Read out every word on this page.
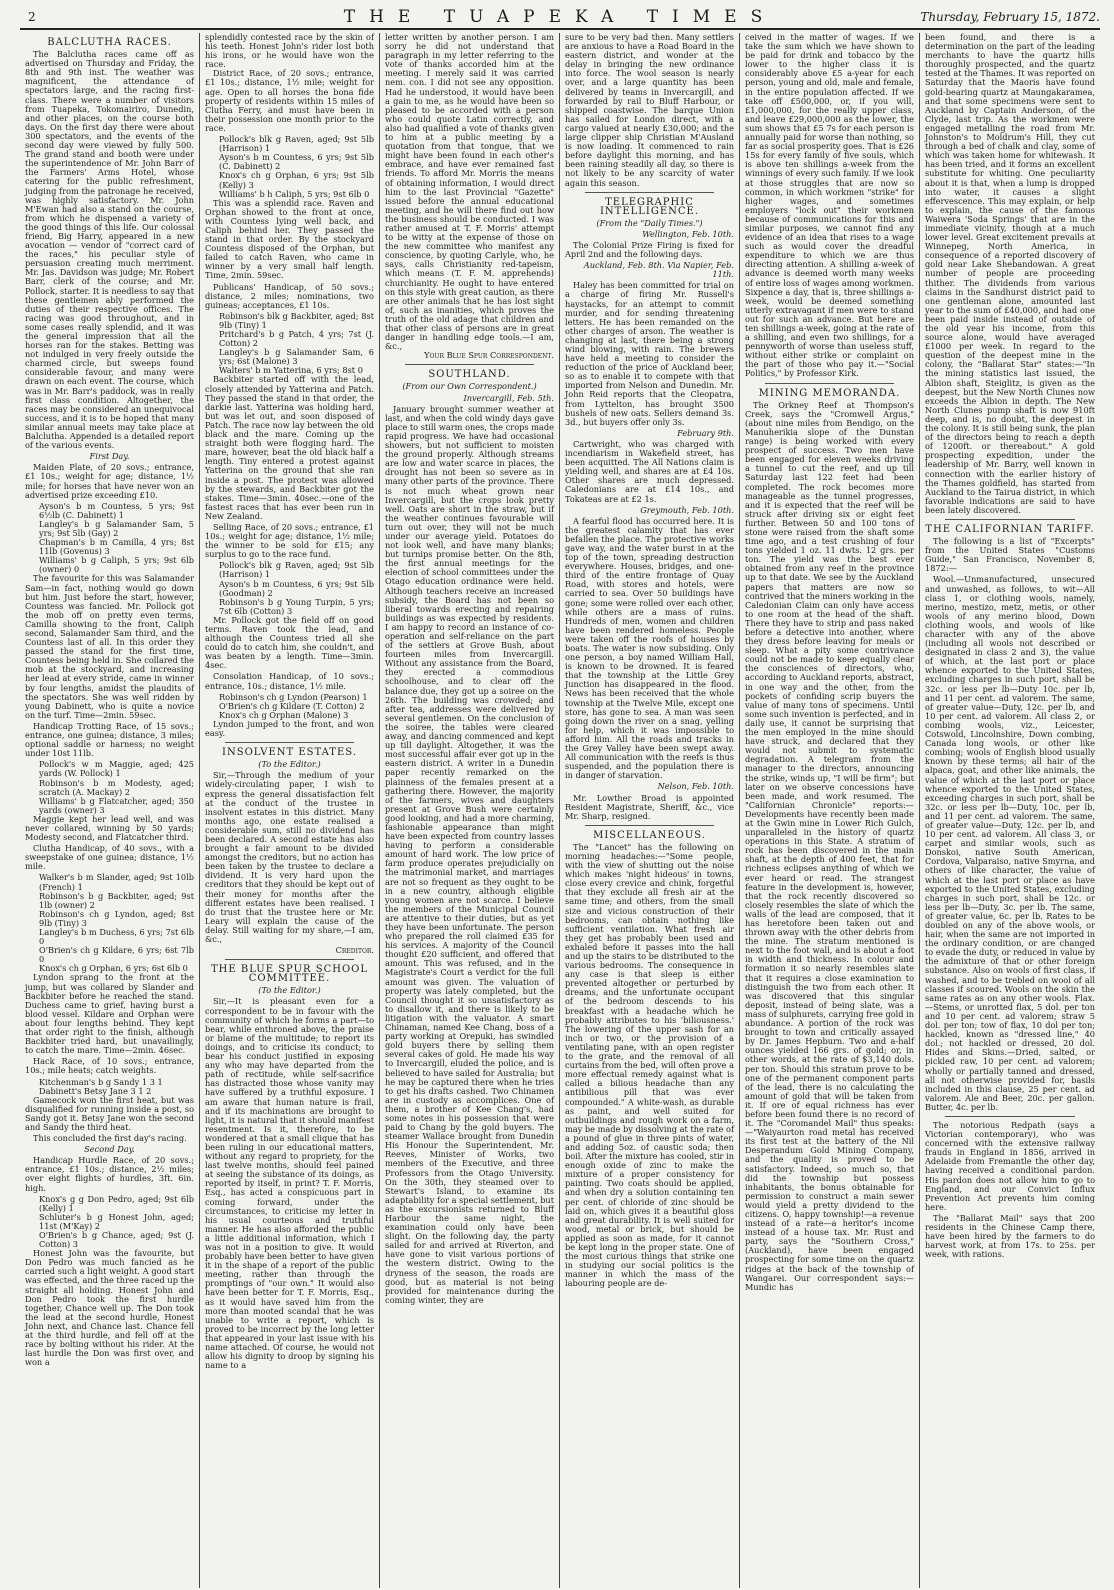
2	THE TUAPEKA TIMES	Thursday, February 15, 1872.
BALCLUTHA RACES.

The Balclutha races came off as advertised on Thursday and Friday, the 8th and 9th inst. The weather was magnificent, the attendance of spectators large, and the racing first-class. There were a number of visitors from Tuapeka, Tokomairiro, Dunedin, and other places, on the course both days. On the first day there were about 300 spectators, and the events of the second day were viewed by fully 500. The grand stand and booth were under the superintendence of Mr. John Barr of the Farmers' Arms Hotel, whose catering for the public refreshment, judging from the patronage he received, was highly satisfactory. Mr. John M'Ewan had also a stand on the course, from which he dispensed a variety of the good things of this life. Our colossal friend, Big Harry, appeared in a new avocation — vendor of "correct card of the races," his peculiar style of persuasion creating much merriment. Mr. Jas. Davidson was judge; Mr. Robert Barr, clerk of the course; and Mr. Pollock, starter. It is needless to say that these gentlemen ably performed the duties of their respective offices. The racing was good throughout, and in some cases really splendid, and it was the general impression that all the horses ran for the stakes. Betting was not indulged in very freely outside the charmed circle, but sweeps found considerable favour, and many were drawn on each event. The course, which was in Mr. Barr's paddock, was in really first class condition. Altogether, the races may be considered an unequivocal success, and it is to be hoped that many similar annual meets may take place at Balclutha. Appended is a detailed report of the various events.

First Day.

Maiden Plate, of 20 sovs.; entrance, £1 10s.; weight for age; distance, 1½ mile; for horses that have never won an advertised prize exceeding £10.

Ayson's b m Countess, 5 yrs; 9st 6½lb (C. Dabinett) 1

Langley's b g Salamander Sam, 5 yrs; 9st 5lb (Gay) 2

Chapman's b m Camilla, 4 yrs; 8st 11lb (Govenus) 3

Williams' b g Caliph, 5 yrs; 9st 6lb (owner) 0

The favourite for this was Salamander Sam—in fact, nothing would go down but him. Just before the start, however, Countess was fancied. Mr. Pollock got the mob off on pretty even terms, Camilla showing to the front, Caliph second, Salamander Sam third, and the Countess last of all. In this order they passed the stand for the first time, Countess being held in. She collared the mob at the stockyard, and increasing her lead at every stride, came in winner by four lengths, amidst the plaudits of the spectators. She was well ridden by young Dabinett, who is quite a novice on the turf. Time—2min. 59sec.

Handicap Trotting Race, of 15 sovs.; entrance, one guinea; distance, 3 miles; optional saddle or harness; no weight under 10st 11lb.

Pollock's w m Maggie, aged; 425 yards (W. Pollock) 1

Robinson's b m Modesty, aged; scratch (A. Mackay) 2

Williams' b g Flatcatcher, aged; 350 yards (owner) 3

Maggie kept her lead well, and was never collared, winning by 50 yards; Modesty second, and Flatcatcher third.

Clutha Handicap, of 40 sovs., with a sweepstake of one guinea; distance, 1½ mile.

Walker's b m Slander, aged; 9st 10lb (French) 1

Robinson's b g Backbiter, aged; 9st 1lb (owner) 2

Robinson's ch g Lyndon, aged; 8st 9lb (Tiny) 3

Langley's b m Duchess, 6 yrs; 7st 6lb 0

O'Brien's ch g Kildare, 6 yrs; 6st 7lb 0

Knox's ch g Orphan, 6 yrs; 6st 6lb 0

Lyndon sprang to the front at the jump, but was collared by Slander and Backbiter before he reached the stand. Duchess came to grief, having burst a blood vessel. Kildare and Orphan were about four lengths behind. They kept that order right to the finish, although Backbiter tried hard, but unavailingly, to catch the mare. Time—2min. 46sec.

Hack Race, of 10 sovs.; entrance, 10s.; mile heats; catch weights.

Kitchenman's b g Sandy 1 3 1

Dabinett's Betsy Jane 3 1 2

Gamecock won the first heat, but was disqualified for running inside a post, so Sandy got it. Betsy Jane won the second and Sandy the third heat.

This concluded the first day's racing.

Second Day.

Handicap Hurdle Race, of 20 sovs.; entrance, £1 10s.; distance, 2½ miles; over eight flights of hurdles, 3ft. 6in. high.

Knox's g g Don Pedro, aged; 9st 6lb (Kelly) 1

Schluter's b g Honest John, aged; 11st (M'Kay) 2

O'Brien's b g Chance, aged; 9st (J. Cotton) 3

Honest John was the favourite, but Don Pedro was much fancied as he carried such a light weight. A good start was effected, and the three raced up the straight all holding. Honest John and Don Pedro took the first hurdle together, Chance well up. The Don took the lead at the second hurdle, Honest John next, and Chance last. Chance fell at the third hurdle, and fell off at the race by bolting without his rider. At the last hurdle the Don was first over, and won a

splendidly contested race by the skin of his teeth. Honest John's rider lost both his irons, or he would have won the race.

District Race, of 20 sovs.; entrance, £1 10s.; distance, 1½ mile; weight for age. Open to all horses the bona fide property of residents within 15 miles of Clutha Ferry, and must have been in their possession one month prior to the race.

Pollock's blk g Raven, aged; 9st 5lb (Harrison) 1

Ayson's b m Countess, 6 yrs; 9st 5lb (C. Dabinett) 2

Knox's ch g Orphan, 6 yrs; 9st 5lb (Kelly) 3

Williams' b h Caliph, 5 yrs; 9st 6lb 0

This was a splendid race. Raven and Orphan showed to the front at once, with Countess lying well back, and Caliph behind her. They passed the stand in that order. By the stockyard Countess disposed of the Orphan, but failed to catch Raven, who came in winner by a very small half length. Time, 2min. 59sec.

Publicans' Handicap, of 50 sovs.; distance, 2 miles; nominations, two guineas; acceptances, £1 10s.

Robinson's blk g Backbiter, aged; 8st 9lb (Tiny) 1

Pritchard's b g Patch, 4 yrs; 7st (J. Cotton) 2

Langley's b g Salamander Sam, 6 yrs; 6st (Malone) 3

Walters' b m Yatterina, 6 yrs; 8st 0

Backbiter started off with the lead, closely attended by Yatterina and Patch. They passed the stand in that order, the darkie last. Yatterina was holding hard, but was let out, and soon disposed of Patch. The race now lay between the old black and the mare. Coming up the straight both were flogging hard. The mare, however, beat the old black half a length. Tiny entered a protest against Yatterina on the ground that she ran inside a post. The protest was allowed by the stewards, and Backbiter got the stakes. Time—3min. 40sec.—one of the fastest races that has ever been run in New Zealand.

Selling Race, of 20 sovs.; entrance, £1 10s.; weight for age; distance, 1½ mile; the winner to be sold for £15; any surplus to go to the race fund.

Pollock's blk g Raven, aged; 9st 5lb (Harrison) 1

Ayson's b m Countess, 6 yrs; 9st 5lb (Goodman) 2

Robinson's b g Young Turpin, 5 yrs; 7st 6lb (Cotton) 3

Mr. Pollock got the field off on good terms. Raven took the lead, and although the Countess tried all she could do to catch him, she couldn't, and was beaten by a length. Time—3min. 4sec.

Consolation Handicap, of 10 sovs.; entrance, 10s.; distance, 1½ mile.

Robinson's ch g Lyndon (Pearson) 1

O'Brien's ch g Kildare (T. Cotton) 2

Knox's ch g Orphan (Malone) 3

Lyndon jumped to the front, and won easy.

INSOLVENT ESTATES.

(To the Editor.)

Sir,—Through the medium of your widely-circulating paper, I wish to express the general dissatisfaction felt at the conduct of the trustee in insolvent estates in this district. Many months ago, one estate realised a considerable sum, still no dividend has been declared. A second estate has also brought a fair amount to be divided amongst the creditors, but no action has been taken by the trustee to declare a dividend. It is very hard upon the creditors that they should be kept out of their money for months after the different estates have been realised. I do trust that the trustee here or Mr. Leary will explain the cause of the delay. Still waiting for my share,—I am, &c.,

Creditor.

THE BLUE SPUR SCHOOL COMMITTEE.

(To the Editor.)

Sir,—It is pleasant even for a correspondent to be in favour with the community of which he forms a part—to bear, while enthroned above, the praise or blame of the multitude; to report its doings, and to criticise its conduct; to bear his conduct justified in exposing any who may have departed from the path of rectitude, while self-sacrifice has distracted those whose vanity may have suffered by a truthful exposure. I am aware that human nature is frail, and if its machinations are brought to light, it is natural that it should manifest resentment. Is it, therefore, to be wondered at that a small clique that has been ruling in our educational matters, without any regard to propriety, for the last twelve months, should feel pained at seeing the substance of its doings, as reported by itself, in print? T. F. Morris, Esq., has acted a conspicuous part in coming forward, under the circumstances, to criticise my letter in his usual courteous and truthful manner. He has also afforded the public a little additional information, which I was not in a position to give. It would probably have been better to have given it in the shape of a report of the public meeting, rather than through the promptings of "our own." It would also have been better for T. F. Morris, Esq., as it would have saved him from the more than mooted scandal that he was unable to write a report, which is proved to be incorrect by the long letter that appeared in your last issue with his name attached. Of course, he would not allow his dignity to droop by signing his name to a

letter written by another person. I am sorry he did not understand that paragraph in my letter referring to the vote of thanks accorded him at the meeting. I merely said it was carried nem. con. I did not see any opposition. Had he understood, it would have been a gain to me, as he would have been so pleased to be accorded with a person who could quote Latin correctly, and also had qualified a vote of thanks given to him at a public meeting by a quotation from that tongue, that we might have been found in each other's embrace, and have ever remained fast friends. To afford Mr. Morris the means of obtaining information, I would direct him to the last Provincial "Gazette" issued before the annual educational meeting, and he will there find out how the business should be conducted. I was rather amused at T. F. Morris' attempt to be witty at the expense of those on the new committee who manifest any conscience, by quoting Carlyle, who, he says, calls Christianity red-tapeism, which means (T. F. M. apprehends) churchianity. He ought to have entered on this style with great caution, as there are other animals that he has lost sight of, such as inanities, which proves the truth of the old adage that children and that other class of persons are in great danger in handling edge tools.—I am, &c.,

Your Blue Spur Correspondent.

SOUTHLAND.

(From our Own Correspondent.)

Invercargill, Feb. 5th.

January brought summer weather at last, and when the cold windy days gave place to still warm ones, the crops made rapid progress. We have had occasional showers, but not sufficient to moisten the ground properly. Although streams are low and water scarce in places, the drought has not been so severe as in many other parts of the province. There is not much wheat grown near Invercargill, but the crops look pretty well. Oats are short in the straw, but if the weather continues favourable will turn out over, they will not be much under our average yield. Potatoes do not look well, and have many blanks; but turnips promise better. On the 8th, the first annual meetings for the election of school committees under the Otago education ordinance were held. Although teachers receive an increased subsidy, the Board has not been so liberal towards erecting and repairing buildings as was expected by residents. I am happy to record an instance of co-operation and self-reliance on the part of the settlers at Grove Bush, about fourteen miles from Invercargill. Without any assistance from the Board, they erected a commodious schoolhouse, and to clear off the balance due, they got up a soiree on the 26th. The building was crowded; and after tea, addresses were delivered by several gentlemen. On the conclusion of the soiree, the tables were cleared away, and dancing commenced and kept up till daylight. Altogether, it was the most successful affair ever got up in the eastern district. A writer in a Dunedin paper recently remarked on the plainness of the females present at a gathering there. However, the majority of the farmers, wives and daughters present at Grove Bush were certainly good looking, and had a more charming, fashionable appearance than might have been expected from country lasses having to perform a considerable amount of hard work. The low price of farm produce operates prejudicially on the matrimonial market, and marriages are not so frequent as they ought to be in a new country, although eligible young women are not scarce. I believe the members of the Municipal Council are attentive to their duties, but as yet they have been unfortunate. The person who prepared the roll claimed £35 for his services. A majority of the Council thought £20 sufficient, and offered that amount. This was refused, and in the Magistrate's Court a verdict for the full amount was given. The valuation of property was lately completed, but the Council thought it so unsatisfactory as to disallow it, and there is likely to be litigation with the valuator. A smart Chinaman, named Kee Chang, boss of a party working at Orepuki, has swindled gold buyers there by selling them several cakes of gold. He made his way to Invercargill, eluded the police, and is believed to have sailed for Australia; but he may be captured there when he tries to get his drafts cashed. Two Chinamen are in custody as accomplices. One of them, a brother of Kee Chang's, had some notes in his possession that were paid to Chang by the gold buyers. The steamer Wallace brought from Dunedin His Honour the Superintendent, Mr. Reeves, Minister of Works, two members of the Executive, and three Professors from the Otago University. On the 30th, they steamed over to Stewart's Island, to examine its adaptability for a special settlement, but as the excursionists returned to Bluff Harbour the same night, the examination could only have been slight. On the following day, the party sailed for and arrived at Riverton, and have gone to visit various portions of the western district. Owing to the dryness of the season, the roads are good, but as material is not being provided for maintenance during the coming winter, they are

sure to be very bad then. Many settlers are anxious to have a Road Board in the eastern district, and wonder at the delay in bringing the new ordinance into force. The wool season is nearly over, and a large quantity has been delivered by teams in Invercargill, and forwarded by rail to Bluff Harbour, or shipped coastwise. The barque Union has sailed for London direct, with a cargo valued at nearly £30,000; and the large clipper ship Christian M'Ausland is now loading. It commenced to rain before daylight this morning, and has been raining steadily all day, so there is not likely to be any scarcity of water again this season.

TELEGRAPHIC INTELLIGENCE.

(From the "Daily Times.")

Wellington, Feb. 10th.

The Colonial Prize Firing is fixed for April 2nd and the following days.

Auckland, Feb. 8th. Via Napier, Feb. 11th.

Haley has been committed for trial on a charge of firing Mr. Russell's haystacks, for an attempt to commit murder, and for sending threatening letters. He has been remanded on the other charges of arson. The weather is changing at last, there being a strong wind blowing, with rain. The brewers have held a meeting to consider the reduction of the price of Auckland beer, so as to enable it to compete with that imported from Nelson and Dunedin. Mr. John Reid reports that the Cleopatra, from Lyttelton, has brought 3500 bushels of new oats. Sellers demand 3s. 3d., but buyers offer only 3s.

February 9th.

Cartwright, who was charged with incendiarism in Wakefield street, has been acquitted. The All Nations claim is yielding well, and shares are at £4 10s. Other shares are much depressed. Caledonians are at £14 10s., and Tokateas are at £2 1s.

Greymouth, Feb. 10th.

A fearful flood has occurred here. It is the greatest calamity that has ever befallen the place. The protective works gave way, and the water burst in at the top of the town, spreading destruction everywhere. Houses, bridges, and one-third of the entire frontage of Quay Road, with stores and hotels, were carried to sea. Over 50 buildings have gone; some were rolled over each other, while others are a mass of ruins. Hundreds of men, women and children have been rendered homeless. People were taken off the roofs of houses by boats. The water is now subsiding. Only one person, a boy named William Hall, is known to be drowned. It is feared that the township at the Little Grey Junction has disappeared in the flood. News has been received that the whole township at the Twelve Mile, except one store, has gone to sea. A man was seen going down the river on a snag, yelling for help, which it was impossible to afford him. All the roads and tracks in the Grey Valley have been swept away. All communication with the reefs is thus suspended, and the population there is in danger of starvation.

Nelson, Feb. 10th.

Mr. Lowther Broad is appointed Resident Magistrate, Sheriff, &c., vice Mr. Sharp, resigned.

MISCELLANEOUS.

The "Lancet" has the following on morning headaches:—"Some people, with the view of shutting out the noise which makes 'night hideous' in towns, close every crevice and chink, forgetful that they exclude all fresh air at the same time; and others, from the small size and vicious construction of their bedrooms, can obtain nothing like sufficient ventilation. What fresh air they get has probably been used and exhaled before it passes into the hall and up the stairs to be distributed to the various bedrooms. The consequence in any case is that sleep is either prevented altogether or perturbed by dreams, and the unfortunate occupant of the bedroom descends to his breakfast with a headache which he probably attributes to his 'biliousness.' The lowering of the upper sash for an inch or two, or the provision of a ventilating pane, with an open register to the grate, and the removal of all curtains from the bed, will often prove a more effectual remedy against what is called a bilious headache than any antibilious pill that was ever compounded." A white-wash, as durable as paint, and well suited for outbuildings and rough work on a farm, may be made by dissolving at the rate of a pound of glue in three pints of water, and adding 5oz. of caustic soda; then boil. After the mixture has cooled, stir in enough oxide of zinc to make the mixture of a proper consistency for painting. Two coats should be applied, and when dry a solution containing ten per cent. of chloride of zinc should be laid on, which gives it a beautiful gloss and great durability. It is well suited for wood, metal or brick, but should be applied as soon as made, for it cannot be kept long in the proper state. One of the most curious things that strike one in studying our social politics is the manner in which the mass of the labouring people are de-

ceived in the matter of wages. If we take the sum which we have shown to be paid for drink and tobacco by the lower to the higher class it is considerably above £5 a-year for each person, young and old, male and female, in the entire population affected. If we take off £500,000, or, if you will, £1,000,000, for the really upper class, and leave £29,000,000 as the lower, the sum shows that £5 7s for each person is annually paid for worse than nothing, so far as social prosperity goes. That is £26 15s for every family of five souls, which is above ten shillings a-week from the winnings of every such family. If we look at those struggles that are now so common, in which workmen "strike" for higher wages, and sometimes employers "lock out" their workmen because of communications for this and similar purposes, we cannot find any evidence of an idea that rises to a wage such as would cover the dreadful expenditure to which we are thus directing attention. A shilling a-week of advance is deemed worth many weeks of entire loss of wages among workmen. Sixpence a day, that is, three shillings a-week, would be deemed something utterly extravagant if men were to stand out for such an advance. But here are ten shillings a-week, going at the rate of a shilling, and even two shillings, for a pennyworth of worse than useless stuff, without either strike or complaint on the part of those who pay it.—"Social Politics," by Professor Kirk.

MINING MEMORANDA.

The Orkney Reef at Thompson's Creek, says the "Cromwell Argus," (about nine miles from Bendigo, on the Manuherikia slope of the Dunstan range) is being worked with every prospect of success. Two men have been engaged for eleven weeks driving a tunnel to cut the reef, and up till Saturday last 122 feet had been completed. The rock becomes more manageable as the tunnel progresses, and it is expected that the reef will be struck after driving six or eight feet further. Between 50 and 100 tons of stone were raised from the shaft some time ago, and a test crushing of four tons yielded 1 oz. 11 dwts. 12 grs. per ton. The yield was the best ever obtained from any reef in the province up to that date. We see by the Auckland papers that matters are now so contrived that the miners working in the Caledonian Claim can only have access to one room at the head of the shaft. There they have to strip and pass naked before a detective into another, where they dress before leaving for meals or sleep. What a pity some contrivance could not be made to keep equally clear the consciences of directors, who, according to Auckland reports, abstract, in one way and the other, from the pockets of confiding scrip buyers the value of many tons of specimens. Until some such invention is perfected, and in daily use, it cannot be surprising that the men employed in the mine should have struck, and declared that they would not submit to systematic degradation. A telegram from the manager to the directors, announcing the strike, winds up, "I will be firm"; but later on we observe concessions have been made, and work resumed. The "Californian Chronicle" reports:—Developments have recently been made at the Gwin mine in Lower Rich Gulch, unparalleled in the history of quartz operations in this State. A stratum of rock has been discovered in the main shaft, at the depth of 400 feet, that for richness eclipses anything of which we ever heard or read. The strangest feature in the development is, however, that the rock recently discovered so closely resembles the slate of which the walls of the lead are composed, that it has heretofore been taken out and thrown away with the other debris from the mine. The stratum mentioned is next to the foot wall, and is about a foot in width and thickness. In colour and formation it so nearly resembles slate that it requires a close examination to distinguish the two from each other. It was discovered that this singular deposit, instead of being slate, was a mass of sulphurets, carrying free gold in abundance. A portion of the rock was brought to town and critically assayed by Dr. James Hepburn. Two and a-half ounces yielded 166 grs. of gold; or, in other words, at the rate of $3,140 dols. per ton. Should this stratum prove to be one of the permanent component parts of the lead, there is no calculating the amount of gold that will be taken from it. If ore of equal richness has ever before been found there is no record of it. The "Coromandel Mail" thus speaks:—"Waiyaurton road metal has received its first test at the battery of the Nil Desperandum Gold Mining Company, and the quality is proved to be satisfactory. Indeed, so much so, that did the township but possess inhabitants, the bonus obtainable for permission to construct a main sewer would yield a pretty dividend to the citizens. O, happy township!—a revenue instead of a rate—a heritor's income instead of a house tax. Mr. Rust and party, says the "Southern Cross," (Auckland), have been engaged prospecting for some time on the quartz ridges at the back of the township of Wangarei. Our correspondent says:—Mundic has

been found, and there is a determination on the part of the leading merchants to have the quartz hills thoroughly prospected, and the quartz tested at the Thames. It was reported on Saturday that the Maoris have found gold-bearing quartz at Maungakaramea, and that some specimens were sent to Auckland by Captain Anderson, of the Clyde, last trip. As the workmen were engaged metalling the road from Mr. Johnston's to Moldrum's Hill, they cut through a bed of chalk and clay, some of which was taken home for whitewash. It has been tried, and it forms an excellent substitute for whiting. One peculiarity about it is that, when a lump is dropped into water, it causes a slight effervescence. This may explain, or help to explain, the cause of the famous Waiwera 'Soda Springs' that are in the immediate vicinity, though at a much lower level. Great excitement prevails at Winnepeg, North America, in consequence of a reported discovery of gold near Lake Shebandowan. A great number of people are proceeding thither. The dividends from various claims in the Sandhurst district paid to one gentleman alone, amounted last year to the sum of £40,000, and had one been paid inside instead of outside of the old year his income, from this source alone, would have averaged £1000 per week. In regard to the question of the deepest mine in the colony, the "Ballarat Star" states:—"In the mining statistics last issued, the Albion shaft, Steiglitz, is given as the deepest, but the New North Clunes now exceeds the Albion in depth. The New North Clunes pump shaft is now 910ft deep, and is, no doubt, the deepest in the colony. It is still being sunk, the plan of the directors being to reach a depth of 1200ft. or thereabout." A gold prospecting expedition, under the leadership of Mr. Barry, well known in connection with the earlier history of the Thames goldfield, has started from Auckland to the Tairua district, in which favorable indications are said to have been lately discovered.

THE CALIFORNIAN TARIFF.

The following is a list of "Excerpts" from the United States "Customs Guide," San Francisco, November 8, 1872:—

Wool.—Unmanufactured, unsecured and unwashed, as follows, to wit—All class 1, or clothing wools, namely, merino, mestizo, metz, metis, or other wools of any merino blood, Down clothing wools, and wools of like character with any of the above (including all wools not described or designated in class 2 and 3), the value of which, at the last port or place whence exported to the United States, excluding charges in such port, shall be 32c. or less per lb—Duty 10c. per lb, and 11 per cent. ad valorem. The same, of greater value—Duty, 12c. per lb, and 10 per cent. ad valorem. All class 2, or combing wools, viz., Leicester, Cotswold, Lincolnshire, Down combing, Canada long wools, or other like combing; wools of English blood usually known by these terms; all hair of the alpaca, goat, and other like animals, the value of which at the last port or place whence exported to the United States, exceeding charges in such port, shall be 32c. or less per lb—Duty, 10c. per lb, and 11 per cent. ad valorem. The same, of greater value—Duty, 12c. per lb, and 10 per cent. ad valorem. All class 3, or carpet and similar wools, such as Donskoi, native South American, Cordova, Valparaiso, native Smyrna, and others of like character, the value of which at the last port or place as have exported to the United States, excluding charges in such port, shall be 12c. or less per lb—Duty, 3c. per lb. The same, of greater value, 6c. per lb. Rates to be doubled on any of the above wools, or hair, when the same are not imported in the ordinary condition, or are changed to evade the duty, or reduced in value by the admixture of that or other foreign substance. Also on wools of first class, if washed, and to be trebled on wool of all classes if scoured. Wools on the skin the same rates as on any other wools. Flax.—Stems, or unrotted flax, 5 dol. per ton and 10 per cent. ad valorem; straw 5 dol. per ton; tow of flax, 10 dol per ton; hackled, known as "dressed line," 40 dol.; not hackled or dressed, 20 dol. Hides and Skins.—Dried, salted, or pickled raw, 10 per cent. ad valorem; wholly or partially tanned and dressed, all not otherwise provided for, basils included in this clause, 25 per cent. ad valorem. Ale and Beer, 20c. per gallon. Butter, 4c. per lb.

The notorious Redpath (says a Victorian contemporary), who was concerned with the extensive railway frauds in England in 1856, arrived in Adelaide from Fremantle the other day, having received a conditional pardon. His pardon does not allow him to go to England, and our Convict Influx Prevention Act prevents him coming here.

The "Ballarat Mail" says that 200 residents in the Chinese Camp there, have been hired by the farmers to do harvest work, at from 17s. to 25s. per week, with rations.
